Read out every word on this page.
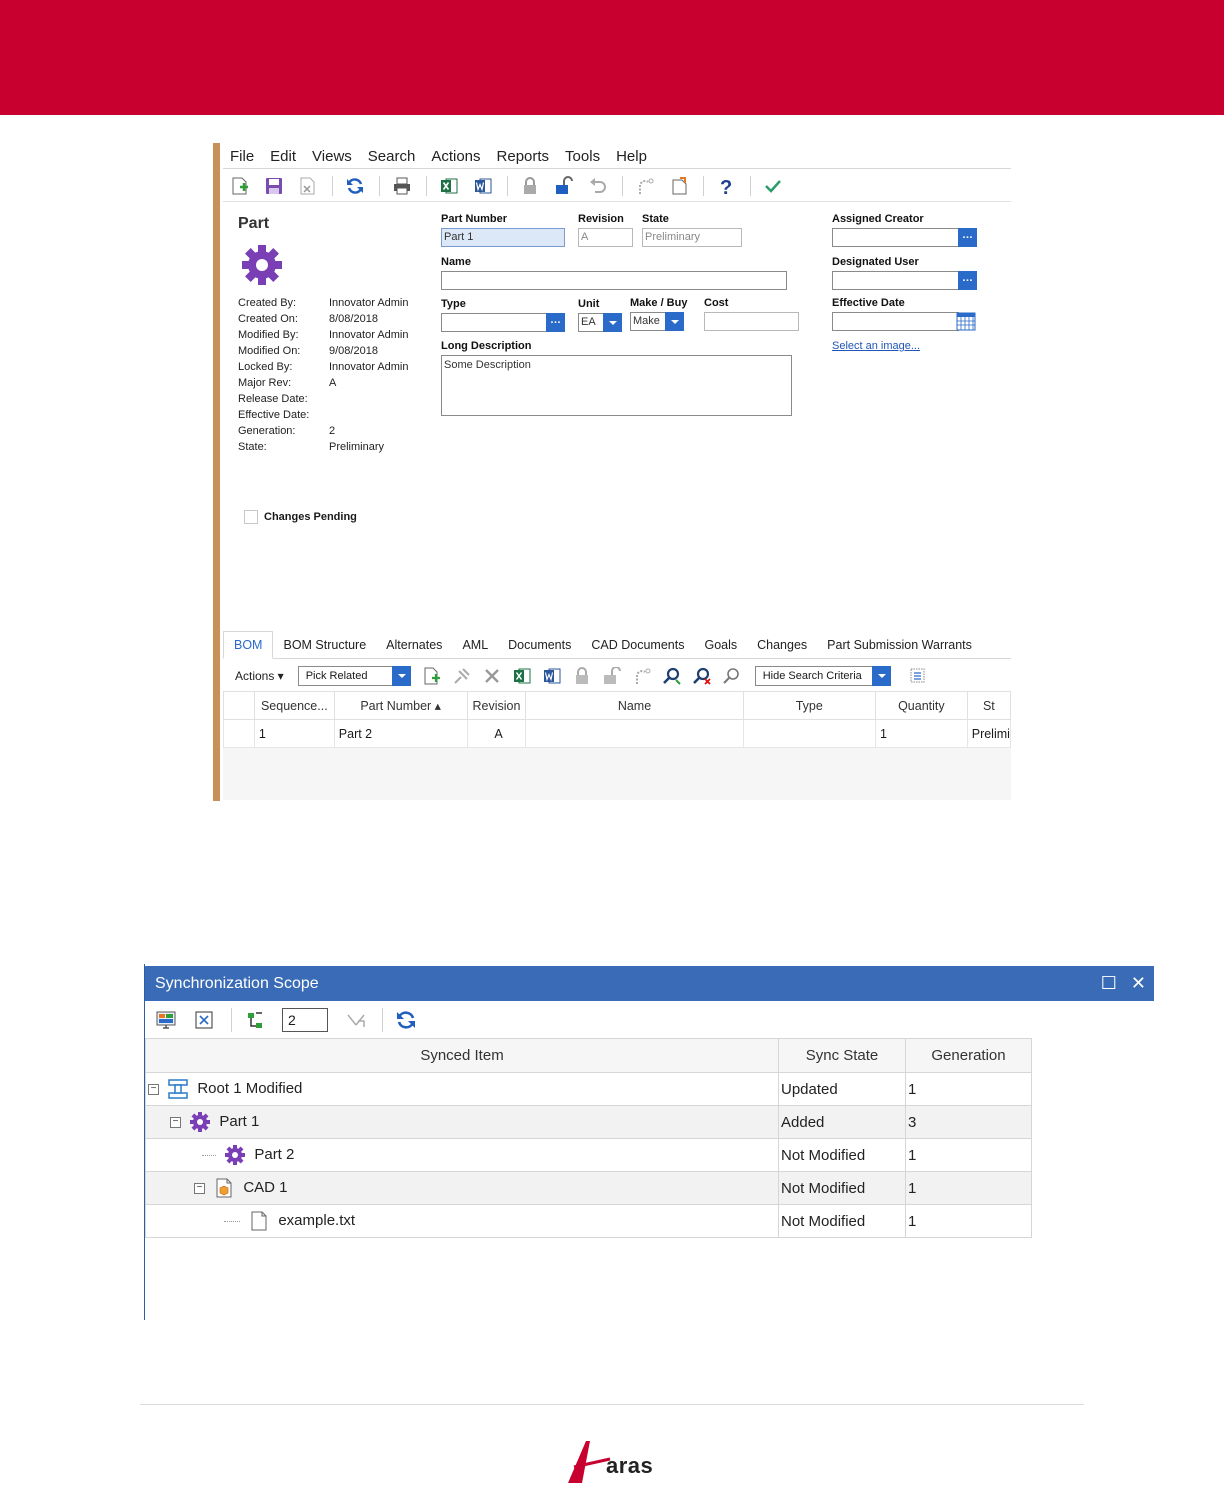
File Edit Views Search Actions Reports Tools Help
?
Part
Created By:	Innovator Admin
Created On:	8/08/2018
Modified By:	Innovator Admin
Modified On:	9/08/2018
Locked By:	Innovator Admin
Major Rev:	A
Release Date:
Effective Date:
Generation:	2
State:	Preliminary
Changes Pending
Part Number
Part 1
Revision
A
State
Preliminary
Assigned Creator
…
Name	Designated User
…
Type
…
Unit
EA
Make / Buy
Make
Cost	Effective Date
Select an image...
Long Description
Some Description
BOM	BOM Structure	Alternates	AML	Documents	CAD Documents	Goals	Changes	Part Submission Warrants
Actions ▾	Pick Related	Hide Search Criteria
	Sequence...	Part Number ▴	Revision	Name	Type	Quantity	St
	1	Part 2	A			1	Prelimi
Synchronization Scope	☐ ✕
2
Synced Item	Sync State	Generation
− Root 1 Modified	Updated	1
− Part 1	Added	3
Part 2	Not Modified	1
− CAD 1	Not Modified	1
example.txt	Not Modified	1
aras
